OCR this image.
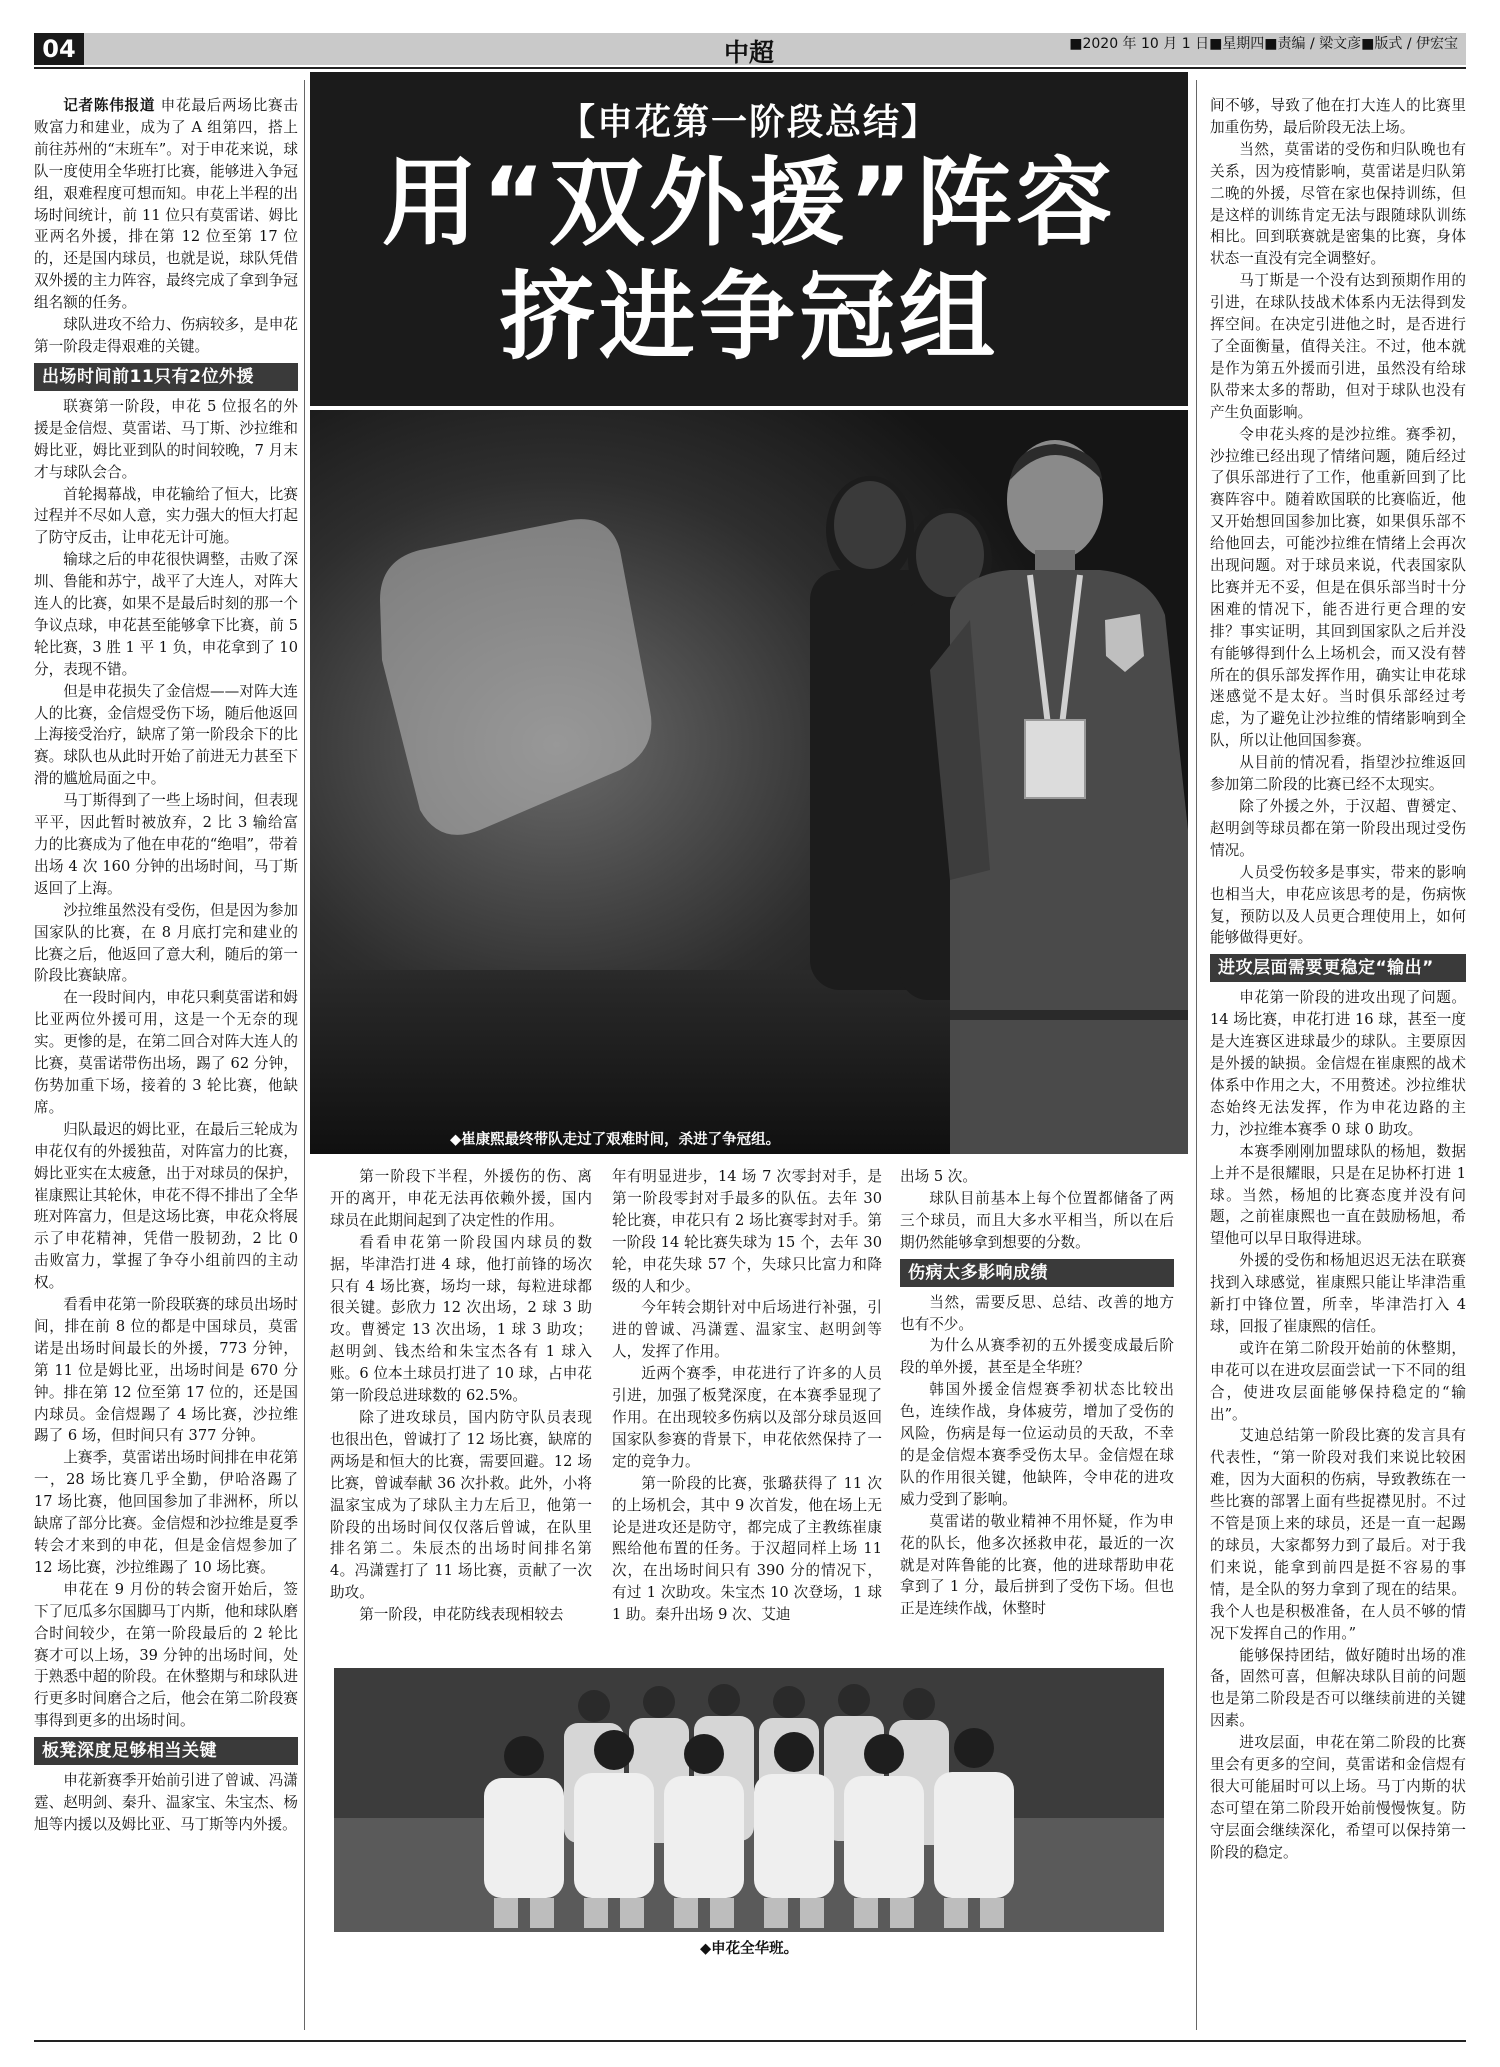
04	中超	■2020 年 10 月 1 日■星期四■责编 / 梁文彦■版式 / 伊宏宝

记者陈伟报道 申花最后两场比赛击败富力和建业，成为了 A 组第四，搭上前往苏州的“末班车”。对于申花来说，球队一度使用全华班打比赛，能够进入争冠组，艰难程度可想而知。申花上半程的出场时间统计，前 11 位只有莫雷诺、姆比亚两名外援，排在第 12 位至第 17 位的，还是国内球员，也就是说，球队凭借双外援的主力阵容，最终完成了拿到争冠组名额的任务。

球队进攻不给力、伤病较多，是申花第一阶段走得艰难的关键。

出场时间前11只有2位外援

联赛第一阶段，申花 5 位报名的外援是金信煜、莫雷诺、马丁斯、沙拉维和姆比亚，姆比亚到队的时间较晚，7 月末才与球队会合。

首轮揭幕战，申花输给了恒大，比赛过程并不尽如人意，实力强大的恒大打起了防守反击，让申花无计可施。

输球之后的申花很快调整，击败了深圳、鲁能和苏宁，战平了大连人，对阵大连人的比赛，如果不是最后时刻的那一个争议点球，申花甚至能够拿下比赛，前 5 轮比赛，3 胜 1 平 1 负，申花拿到了 10 分，表现不错。

但是申花损失了金信煜——对阵大连人的比赛，金信煜受伤下场，随后他返回上海接受治疗，缺席了第一阶段余下的比赛。球队也从此时开始了前进无力甚至下滑的尴尬局面之中。

马丁斯得到了一些上场时间，但表现平平，因此暂时被放弃，2 比 3 输给富力的比赛成为了他在申花的“绝唱”，带着出场 4 次 160 分钟的出场时间，马丁斯返回了上海。

沙拉维虽然没有受伤，但是因为参加国家队的比赛，在 8 月底打完和建业的比赛之后，他返回了意大利，随后的第一阶段比赛缺席。

在一段时间内，申花只剩莫雷诺和姆比亚两位外援可用，这是一个无奈的现实。更惨的是，在第二回合对阵大连人的比赛，莫雷诺带伤出场，踢了 62 分钟，伤势加重下场，接着的 3 轮比赛，他缺席。

归队最迟的姆比亚，在最后三轮成为申花仅有的外援独苗，对阵富力的比赛，姆比亚实在太疲惫，出于对球员的保护，崔康熙让其轮休，申花不得不排出了全华班对阵富力，但是这场比赛，申花众将展示了申花精神，凭借一股韧劲，2 比 0 击败富力，掌握了争夺小组前四的主动权。

看看申花第一阶段联赛的球员出场时间，排在前 8 位的都是中国球员，莫雷诺是出场时间最长的外援，773 分钟，第 11 位是姆比亚，出场时间是 670 分钟。排在第 12 位至第 17 位的，还是国内球员。金信煜踢了 4 场比赛，沙拉维踢了 6 场，但时间只有 377 分钟。

上赛季，莫雷诺出场时间排在申花第一，28 场比赛几乎全勤，伊哈洛踢了 17 场比赛，他回国参加了非洲杯，所以缺席了部分比赛。金信煜和沙拉维是夏季转会才来到的申花，但是金信煜参加了 12 场比赛，沙拉维踢了 10 场比赛。

申花在 9 月份的转会窗开始后，签下了厄瓜多尔国脚马丁内斯，他和球队磨合时间较少，在第一阶段最后的 2 轮比赛才可以上场，39 分钟的出场时间，处于熟悉中超的阶段。在休整期与和球队进行更多时间磨合之后，他会在第二阶段赛事得到更多的出场时间。

板凳深度足够相当关键

申花新赛季开始前引进了曾诚、冯潇霆、赵明剑、秦升、温家宝、朱宝杰、杨旭等内援以及姆比亚、马丁斯等内外援。

【申花第一阶段总结】
用“双外援”阵容
挤进争冠组
◆崔康熙最终带队走过了艰难时间，杀进了争冠组。

第一阶段下半程，外援伤的伤、离开的离开，申花无法再依赖外援，国内球员在此期间起到了决定性的作用。

看看申花第一阶段国内球员的数据，毕津浩打进 4 球，他打前锋的场次只有 4 场比赛，场均一球，每粒进球都很关键。彭欣力 12 次出场，2 球 3 助攻。曹赟定 13 次出场，1 球 3 助攻；赵明剑、钱杰给和朱宝杰各有 1 球入账。6 位本土球员打进了 10 球，占申花第一阶段总进球数的 62.5%。

除了进攻球员，国内防守队员表现也很出色，曾诚打了 12 场比赛，缺席的两场是和恒大的比赛，需要回避。12 场比赛，曾诚奉献 36 次扑救。此外，小将温家宝成为了球队主力左后卫，他第一阶段的出场时间仅仅落后曾诚，在队里排名第二。朱辰杰的出场时间排名第 4。冯潇霆打了 11 场比赛，贡献了一次助攻。

第一阶段，申花防线表现相较去

年有明显进步，14 场 7 次零封对手，是第一阶段零封对手最多的队伍。去年 30 轮比赛，申花只有 2 场比赛零封对手。第一阶段 14 轮比赛失球为 15 个，去年 30 轮，申花失球 57 个，失球只比富力和降级的人和少。

今年转会期针对中后场进行补强，引进的曾诚、冯潇霆、温家宝、赵明剑等人，发挥了作用。

近两个赛季，申花进行了许多的人员引进，加强了板凳深度，在本赛季显现了作用。在出现较多伤病以及部分球员返回国家队参赛的背景下，申花依然保持了一定的竞争力。

第一阶段的比赛，张璐获得了 11 次的上场机会，其中 9 次首发，他在场上无论是进攻还是防守，都完成了主教练崔康熙给他布置的任务。于汉超同样上场 11 次，在出场时间只有 390 分的情况下，有过 1 次助攻。朱宝杰 10 次登场，1 球 1 助。秦升出场 9 次、艾迪

出场 5 次。

球队目前基本上每个位置都储备了两三个球员，而且大多水平相当，所以在后期仍然能够拿到想要的分数。

伤病太多影响成绩

当然，需要反思、总结、改善的地方也有不少。

为什么从赛季初的五外援变成最后阶段的单外援，甚至是全华班？

韩国外援金信煜赛季初状态比较出色，连续作战，身体疲劳，增加了受伤的风险，伤病是每一位运动员的天敌，不幸的是金信煜本赛季受伤太早。金信煜在球队的作用很关键，他缺阵，令申花的进攻威力受到了影响。

莫雷诺的敬业精神不用怀疑，作为申花的队长，他多次拯救申花，最近的一次就是对阵鲁能的比赛，他的进球帮助申花拿到了 1 分，最后拼到了受伤下场。但也正是连续作战，休整时

◆申花全华班。

间不够，导致了他在打大连人的比赛里加重伤势，最后阶段无法上场。

当然，莫雷诺的受伤和归队晚也有关系，因为疫情影响，莫雷诺是归队第二晚的外援，尽管在家也保持训练，但是这样的训练肯定无法与跟随球队训练相比。回到联赛就是密集的比赛，身体状态一直没有完全调整好。

马丁斯是一个没有达到预期作用的引进，在球队技战术体系内无法得到发挥空间。在决定引进他之时，是否进行了全面衡量，值得关注。不过，他本就是作为第五外援而引进，虽然没有给球队带来太多的帮助，但对于球队也没有产生负面影响。

令申花头疼的是沙拉维。赛季初，沙拉维已经出现了情绪问题，随后经过了俱乐部进行了工作，他重新回到了比赛阵容中。随着欧国联的比赛临近，他又开始想回国参加比赛，如果俱乐部不给他回去，可能沙拉维在情绪上会再次出现问题。对于球员来说，代表国家队比赛并无不妥，但是在俱乐部当时十分困难的情况下，能否进行更合理的安排？事实证明，其回到国家队之后并没有能够得到什么上场机会，而又没有替所在的俱乐部发挥作用，确实让申花球迷感觉不是太好。当时俱乐部经过考虑，为了避免让沙拉维的情绪影响到全队，所以让他回国参赛。

从目前的情况看，指望沙拉维返回参加第二阶段的比赛已经不太现实。

除了外援之外，于汉超、曹赟定、赵明剑等球员都在第一阶段出现过受伤情况。

人员受伤较多是事实，带来的影响也相当大，申花应该思考的是，伤病恢复，预防以及人员更合理使用上，如何能够做得更好。

进攻层面需要更稳定“输出”

申花第一阶段的进攻出现了问题。14 场比赛，申花打进 16 球，甚至一度是大连赛区进球最少的球队。主要原因是外援的缺损。金信煜在崔康熙的战术体系中作用之大，不用赘述。沙拉维状态始终无法发挥，作为申花边路的主力，沙拉维本赛季 0 球 0 助攻。

本赛季刚刚加盟球队的杨旭，数据上并不是很耀眼，只是在足协杯打进 1 球。当然，杨旭的比赛态度并没有问题，之前崔康熙也一直在鼓励杨旭，希望他可以早日取得进球。

外援的受伤和杨旭迟迟无法在联赛找到入球感觉，崔康熙只能让毕津浩重新打中锋位置，所幸，毕津浩打入 4 球，回报了崔康熙的信任。

或许在第二阶段开始前的休整期，申花可以在进攻层面尝试一下不同的组合，使进攻层面能够保持稳定的“输出”。

艾迪总结第一阶段比赛的发言具有代表性，“第一阶段对我们来说比较困难，因为大面积的伤病，导致教练在一些比赛的部署上面有些捉襟见肘。不过不管是顶上来的球员，还是一直一起踢的球员，大家都努力到了最后。对于我们来说，能拿到前四是挺不容易的事情，是全队的努力拿到了现在的结果。我个人也是积极准备，在人员不够的情况下发挥自己的作用。”

能够保持团结，做好随时出场的准备，固然可喜，但解决球队目前的问题也是第二阶段是否可以继续前进的关键因素。

进攻层面，申花在第二阶段的比赛里会有更多的空间，莫雷诺和金信煜有很大可能届时可以上场。马丁内斯的状态可望在第二阶段开始前慢慢恢复。防守层面会继续深化，希望可以保持第一阶段的稳定。
